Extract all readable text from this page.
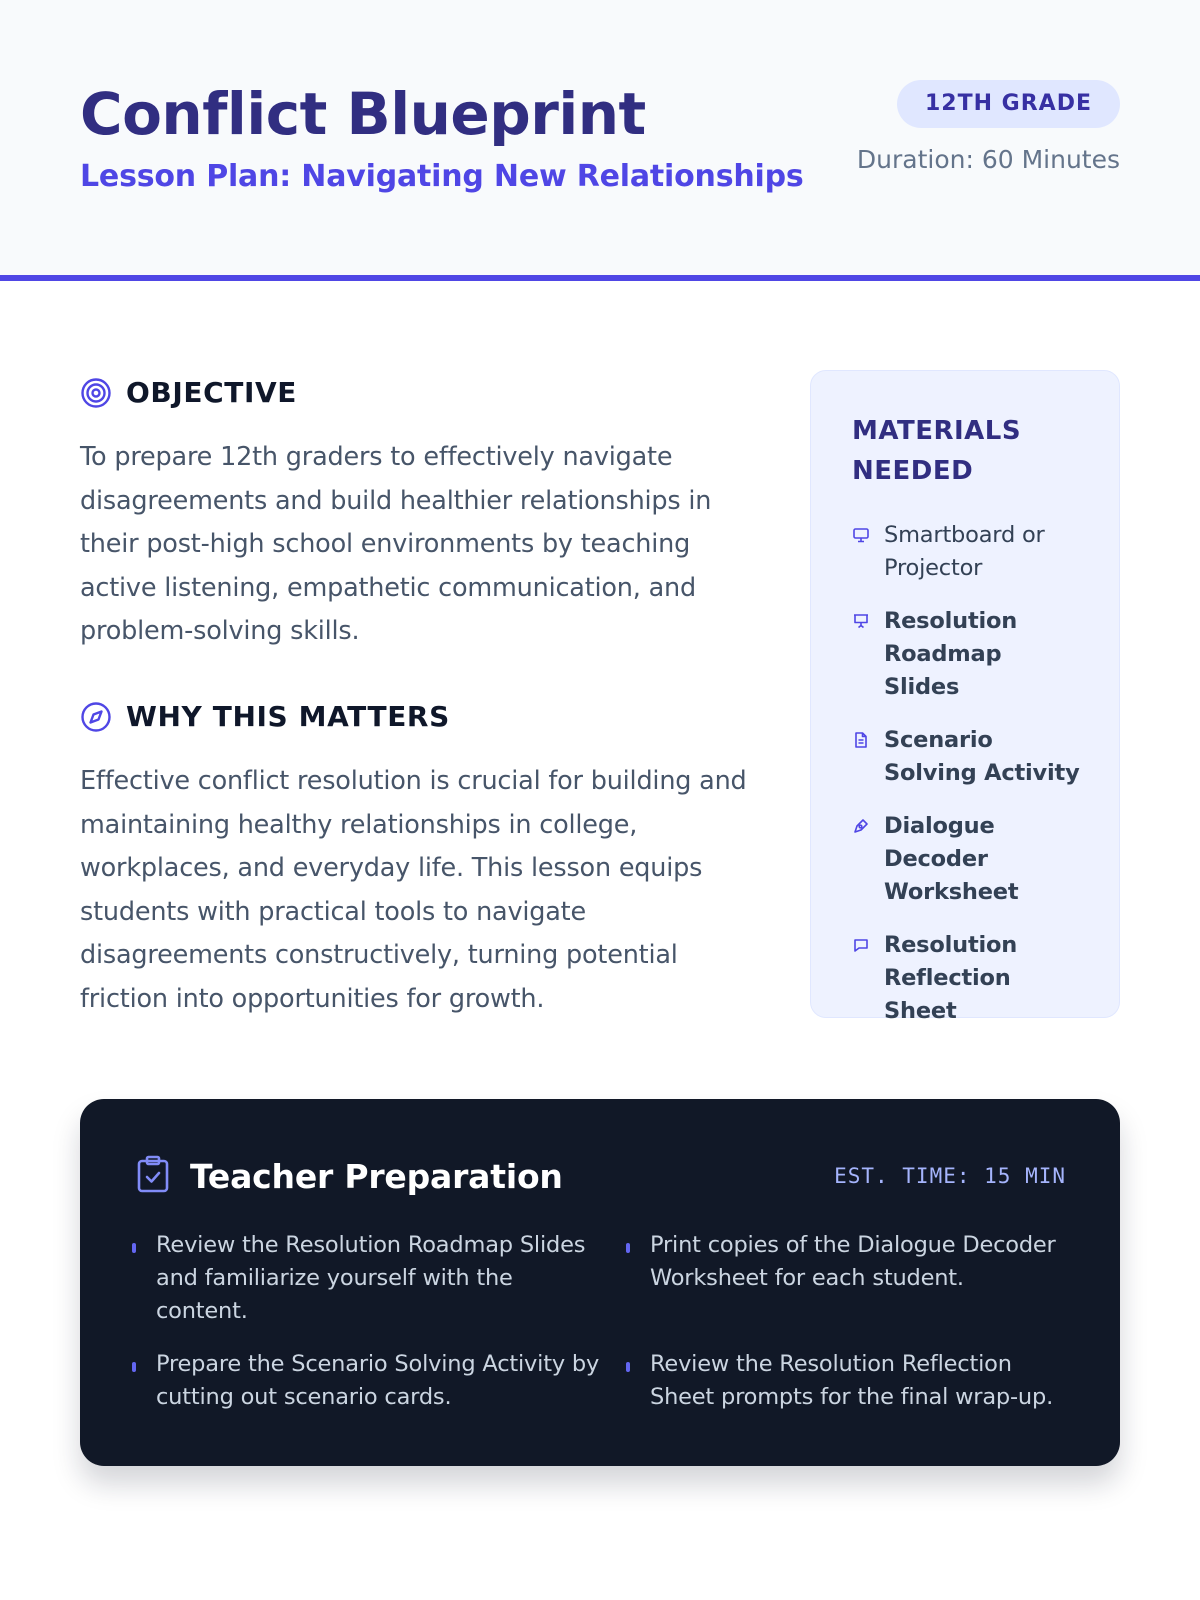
Conflict Blueprint
Lesson Plan: Navigating New Relationships
12TH GRADE
Duration: 60 Minutes
OBJECTIVE

To prepare 12th graders to effectively navigate disagreements and build healthier relationships in their post-high school environments by teaching active listening, empathetic communication, and problem-solving skills.

WHY THIS MATTERS

Effective conflict resolution is crucial for building and maintaining healthy relationships in college, workplaces, and everyday life. This lesson equips students with practical tools to navigate disagreements constructively, turning potential friction into opportunities for growth.

MATERIALS NEEDED
Smartboard or Projector
Resolution Roadmap Slides
Scenario Solving Activity
Dialogue Decoder Worksheet
Resolution Reflection Sheet
Teacher Preparation	EST. TIME: 15 MIN
Review the Resolution Roadmap Slides and familiarize yourself with the content.
Print copies of the Dialogue Decoder Worksheet for each student.
Prepare the Scenario Solving Activity by cutting out scenario cards.
Review the Resolution Reflection Sheet prompts for the final wrap-up.
